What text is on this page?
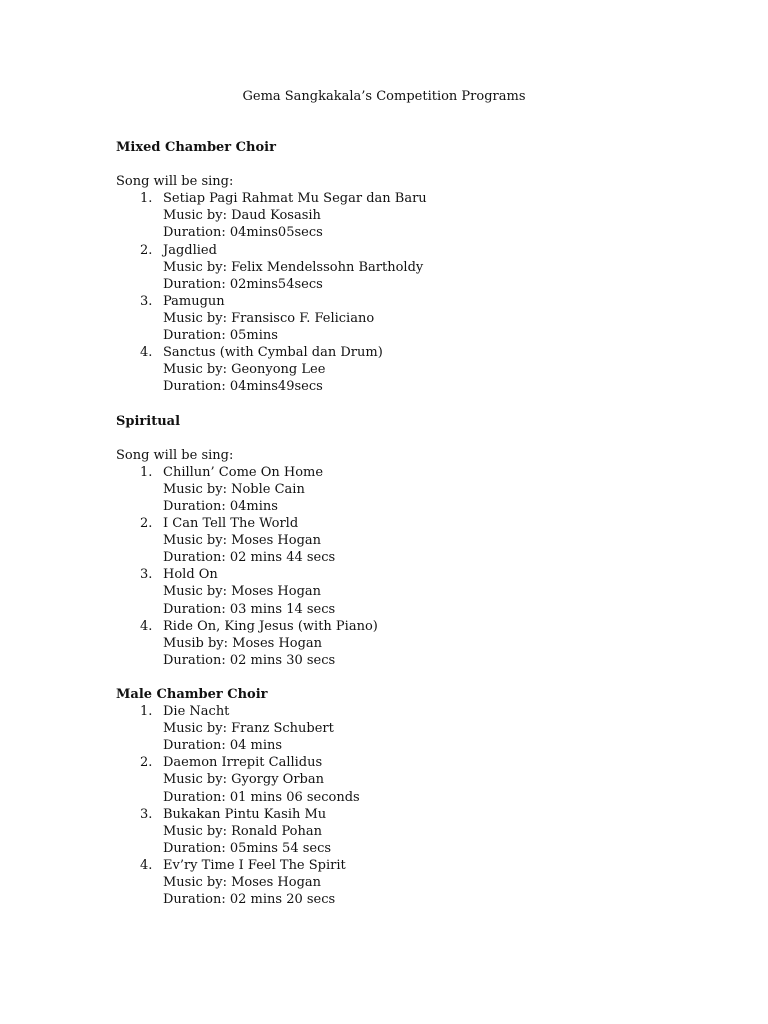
Gema Sangkakala’s Competition Programs
Mixed Chamber Choir
Song will be sing:
1. Setiap Pagi Rahmat Mu Segar dan Baru
Music by: Daud Kosasih
Duration: 04mins05secs
2. Jagdlied
Music by: Felix Mendelssohn Bartholdy
Duration: 02mins54secs
3. Pamugun
Music by: Fransisco F. Feliciano
Duration: 05mins
4. Sanctus (with Cymbal dan Drum)
Music by: Geonyong Lee
Duration: 04mins49secs
Spiritual
Song will be sing:
1. Chillun’ Come On Home
Music by: Noble Cain
Duration: 04mins
2. I Can Tell The World
Music by: Moses Hogan
Duration: 02 mins 44 secs
3. Hold On
Music by: Moses Hogan
Duration: 03 mins 14 secs
4. Ride On, King Jesus (with Piano)
Musib by: Moses Hogan
Duration: 02 mins 30 secs
Male Chamber Choir
1. Die Nacht
Music by: Franz Schubert
Duration: 04 mins
2. Daemon Irrepit Callidus
Music by: Gyorgy Orban
Duration: 01 mins 06 seconds
3. Bukakan Pintu Kasih Mu
Music by: Ronald Pohan
Duration: 05mins 54 secs
4. Ev’ry Time I Feel The Spirit
Music by: Moses Hogan
Duration: 02 mins 20 secs
